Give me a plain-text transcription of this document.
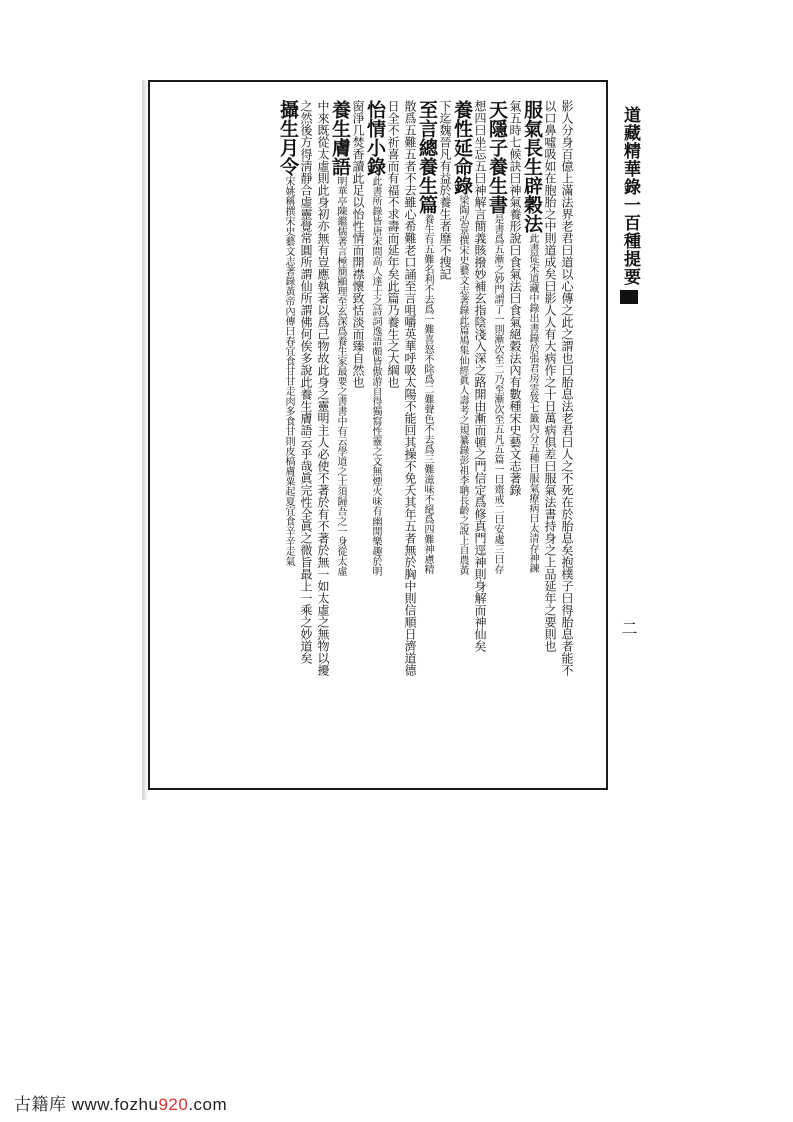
影人分身百億上滿法界老君曰道以心傳之此之謂也曰胎息法老君曰人之不死在於胎息矣抱樸子曰得胎息者能不
以口鼻噓吸如在胞胎之中則道成矣曰影人人有大病作之十日萬病俱差曰服氣法書持身之上品延年之要則也
服氣長生辟穀法此書從宋道藏中錄出書錄於張君房雲笈七籤內分五種曰服氣療病曰太清存神鍊
氣五時七候訣曰神氣養形說曰食氣法曰食氣絕穀法內有數種宋史藝文志著錄
天隱子養生書是書爲五漸之妙門謂了一則漸次至二乃至漸次至五凡五篇一曰齋戒二曰安處三曰存
想四曰坐忘五曰神解言簡義賅撥妙補玄指陰淺入深之路開由漸而頓之門信定爲修真門逕神則身解而神仙矣
養性延命錄梁陶弘景撰宋史藝文志著錄此篇鳩集仙經眞人壽考之規纂錄彭祖李聃長齡之說上自農黃
下迄魏晉凡有益於養生者靡不搜記
至言總養生篇養生有五難名利不去爲一難喜怒不除爲二難聲色不去爲三難滋味不絕爲四難神慮精
散爲五難五者不去雖心希難老口誦至言咀嚼英華呼吸太陽不能回其操不免夭其年五者無於胸中則信順日濟道德
日全不祈喜而有福不求壽而延年矣此篇乃養生之大綱也
怡情小錄此書所錄皆唐宋間高人達士之詩詞逸語頗皆傲游自得獨寫性靈之文無煙火味有幽閒樂趣於明
窗淨几焚香讀此足以怡性情而開襟懷致恬淡而臻自然也
養生膚語明華亭陳繼儒著言極簡顯理至玄深爲養生家最要之書書中有云學道之士須歸吾之一身從太虛
中來既從太虛則此身初亦無有豈應執著以爲己物故此身之靈明主人必使不著於有不著於無一如太虛之無物以擾
之然後方得淸靜合虛靈覺常圓所謂仙所謂佛何俟多說此養生膚語云乎哉眞完性全眞之微旨最上一乘之妙道矣
攝生月令宋姚稱撰宋史藝文志著錄黃帝內傳曰春宜食甘甘走肉多食甘則皮槁膚粟起夏宜食辛辛走氣	道藏精華錄一百種提要
二
古籍库 www.fozhu920.com
